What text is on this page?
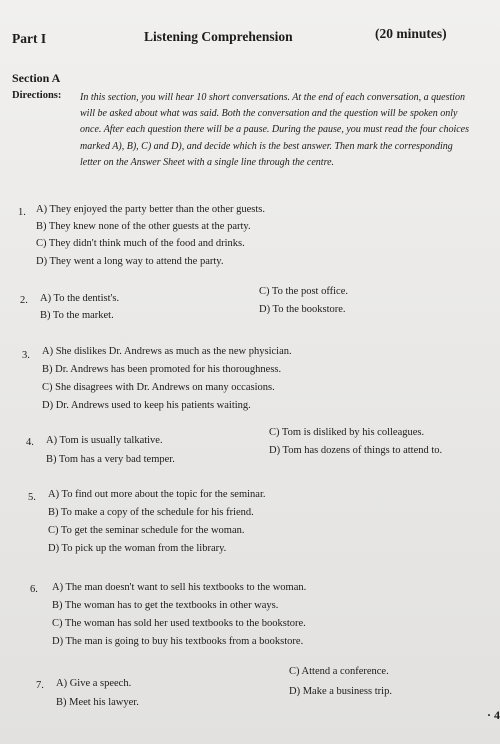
Part I	Listening Comprehension	(20 minutes)
Section A
Directions: In this section, you will hear 10 short conversations. At the end of each conversation, a question will be asked about what was said. Both the conversation and the question will be spoken only once. After each question there will be a pause. During the pause, you must read the four choices marked A), B), C) and D), and decide which is the best answer. Then mark the corresponding letter on the Answer Sheet with a single line through the centre.
1. A) They enjoyed the party better than the other guests.
B) They knew none of the other guests at the party.
C) They didn't think much of the food and drinks.
D) They went a long way to attend the party.
2. A) To the dentist's.
B) To the market.
C) To the post office.
D) To the bookstore.
3. A) She dislikes Dr. Andrews as much as the new physician.
B) Dr. Andrews has been promoted for his thoroughness.
C) She disagrees with Dr. Andrews on many occasions.
D) Dr. Andrews used to keep his patients waiting.
4. A) Tom is usually talkative.
B) Tom has a very bad temper.
C) Tom is disliked by his colleagues.
D) Tom has dozens of things to attend to.
5. A) To find out more about the topic for the seminar.
B) To make a copy of the schedule for his friend.
C) To get the seminar schedule for the woman.
D) To pick up the woman from the library.
6. A) The man doesn't want to sell his textbooks to the woman.
B) The woman has to get the textbooks in other ways.
C) The woman has sold her used textbooks to the bookstore.
D) The man is going to buy his textbooks from a bookstore.
7. A) Give a speech.
B) Meet his lawyer.
C) Attend a conference.
D) Make a business trip.
· 4
